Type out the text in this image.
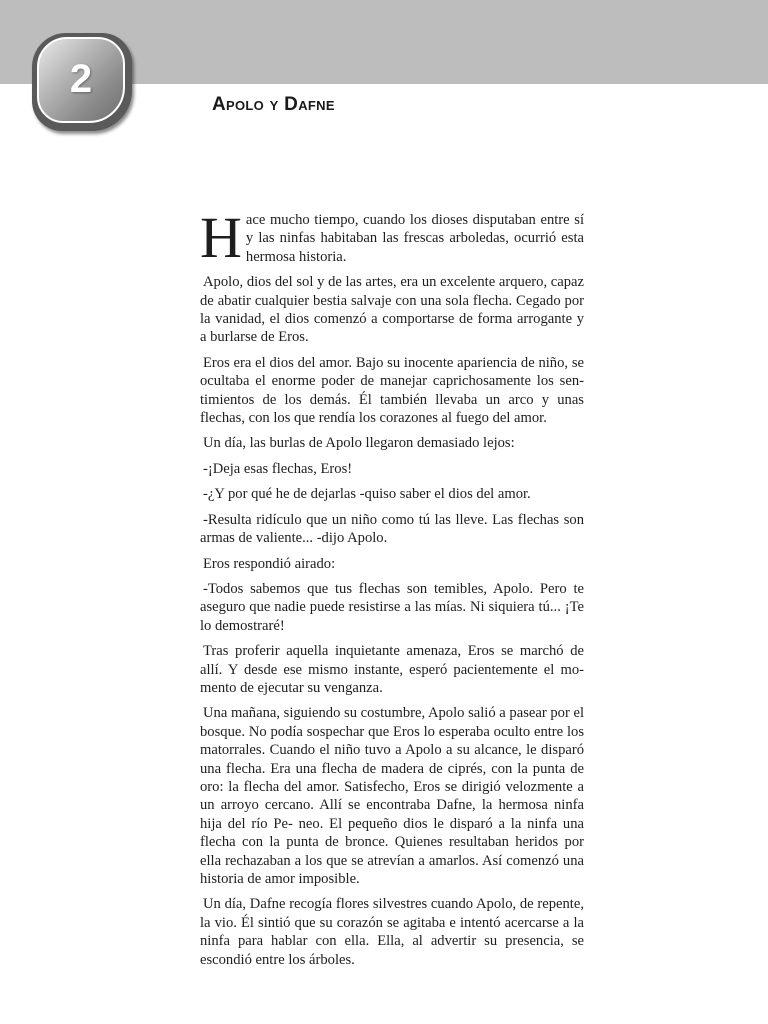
2
Apolo y Dafne

Hace mucho tiempo, cuando los dioses disputaban entre sí y las ninfas habitaban las frescas arboledas, ocurrió esta hermosa historia.

Apolo, dios del sol y de las artes, era un excelente arquero, capaz de abatir cualquier bestia salvaje con una sola flecha. Cegado por la vanidad, el dios comenzó a comportarse de forma arrogante y a burlarse de Eros.

Eros era el dios del amor. Bajo su inocente apariencia de niño, se ocultaba el enorme poder de manejar caprichosamente los sentimientos de los demás. Él también llevaba un arco y unas flechas, con los que rendía los corazones al fuego del amor.

Un día, las burlas de Apolo llegaron demasiado lejos:

-¡Deja esas flechas, Eros!

-¿Y por qué he de dejarlas -quiso saber el dios del amor.

-Resulta ridículo que un niño como tú las lleve. Las flechas son armas de valiente... -dijo Apolo.

Eros respondió airado:

-Todos sabemos que tus flechas son temibles, Apolo. Pero te aseguro que nadie puede resistirse a las mías. Ni siquiera tú... ¡Te lo demostraré!

Tras proferir aquella inquietante amenaza, Eros se marchó de allí. Y desde ese mismo instante, esperó pacientemente el momento de ejecutar su venganza.

Una mañana, siguiendo su costumbre, Apolo salió a pasear por el bosque. No podía sospechar que Eros lo esperaba oculto entre los matorrales. Cuando el niño tuvo a Apolo a su alcance, le disparó una flecha. Era una flecha de madera de ciprés, con la punta de oro: la flecha del amor. Satisfecho, Eros se dirigió velozmente a un arroyo cercano. Allí se encontraba Dafne, la hermosa ninfa hija del río Pe- neo. El pequeño dios le disparó a la ninfa una flecha con la punta de bronce. Quienes resultaban heridos por ella rechazaban a los que se atrevían a amarlos. Así comenzó una historia de amor imposible.

Un día, Dafne recogía flores silvestres cuando Apolo, de repente, la vio. Él sintió que su corazón se agitaba e intentó acercarse a la ninfa para hablar con ella. Ella, al advertir su presencia, se escondió entre los árboles.
